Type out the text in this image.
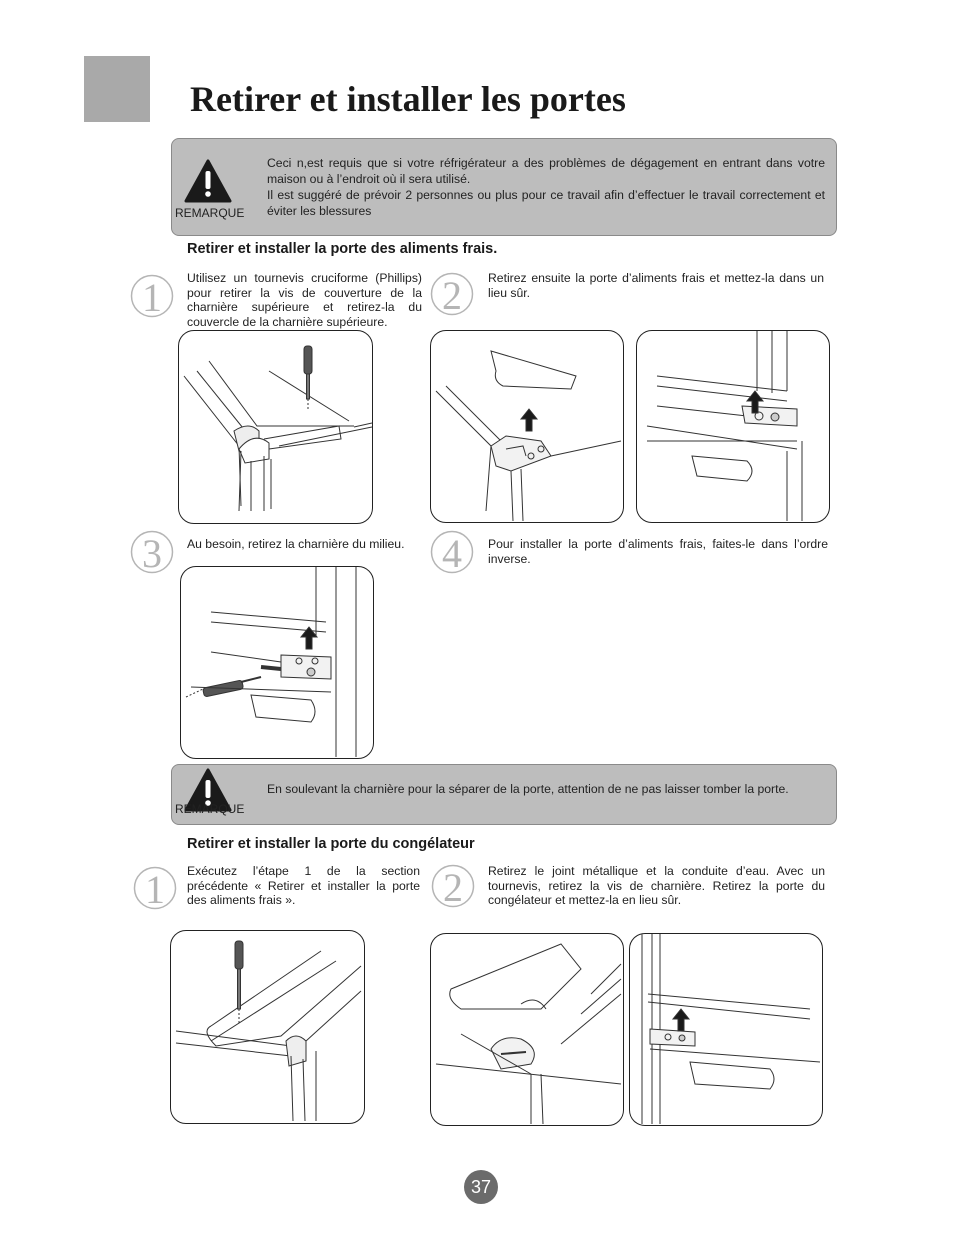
Retirer et installer les portes
REMARQUE
Ceci n,est requis que si votre réfrigérateur a des problèmes de dégagement en entrant dans votre maison ou à l’endroit où il sera utilisé.
Il est suggéré de prévoir 2 personnes ou plus pour ce travail afin d’effectuer le travail correctement et éviter les blessures
Retirer et installer la porte des aliments frais.
1 Utilisez un tournevis cruciforme (Phillips) pour retirer la vis de couverture de la charnière supérieure et retirez-la du couvercle de la charnière supérieure.
2 Retirez ensuite la porte d’aliments frais et mettez-la dans un lieu sûr.
3 Au besoin, retirez la charnière du milieu. 4 Pour installer la porte d’aliments frais, faites-le dans l’ordre inverse.
REMARQUE
En soulevant la charnière pour la séparer de la porte, attention de ne pas laisser tomber la porte.
Retirer et installer la porte du congélateur
1 Exécutez l’étape 1 de la section précédente « Retirer et installer la porte des aliments frais ».	2 Retirez le joint métallique et la conduite d’eau. Avec un tournevis, retirez la vis de charnière. Retirez la porte du congélateur et mettez-la en lieu sûr.
37
